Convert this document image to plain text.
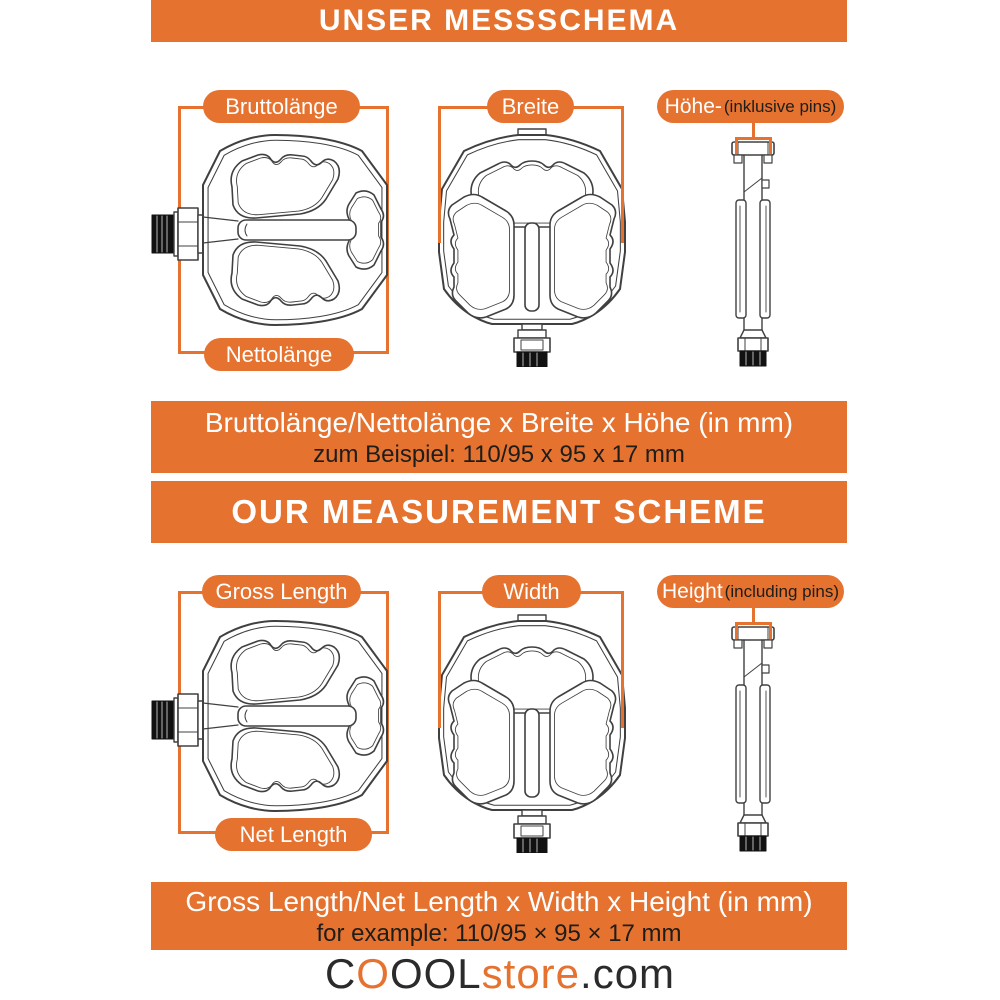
UNSER MESSSCHEMA
Bruttolänge
Nettolänge
Breite	Höhe - (inklusive pins)
Bruttolänge/Nettolänge x Breite x Höhe (in mm)
zum Beispiel: 110/95 x 95 x 17 mm
OUR MEASUREMENT SCHEME
Gross Length
Net Length
Width	Height (including pins)
Gross Length/Net Length x Width x Height (in mm)
for example: 110/95 × 95 × 17 mm
C O OOL store .com
